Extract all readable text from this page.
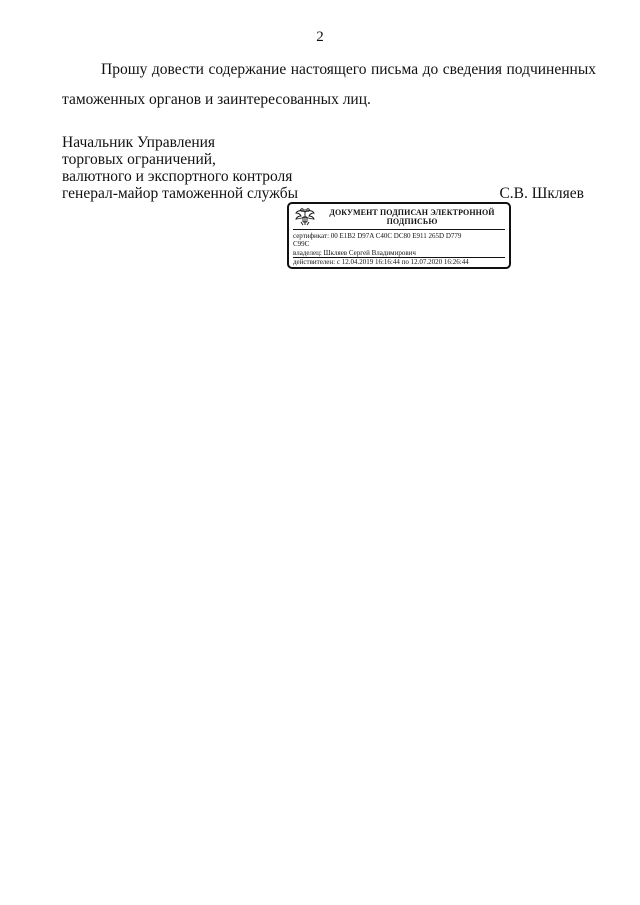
2
Прошу довести содержание настоящего письма до сведения подчиненных
таможенных органов и заинтересованных лиц.
Начальник Управления
торговых ограничений,
валютного и экспортного контроля
генерал-майор таможенной службы	С.В. Шкляев
ДОКУМЕНТ ПОДПИСАН ЭЛЕКТРОННОЙ ПОДПИСЬЮ
сертификат: 00 E1B2 D97A C40C DC80 E911 265D D779
C99C
владелец: Шкляев Сергей Владимирович
действителен: с 12.04.2019 16:16:44 по 12.07.2020 16:26:44
